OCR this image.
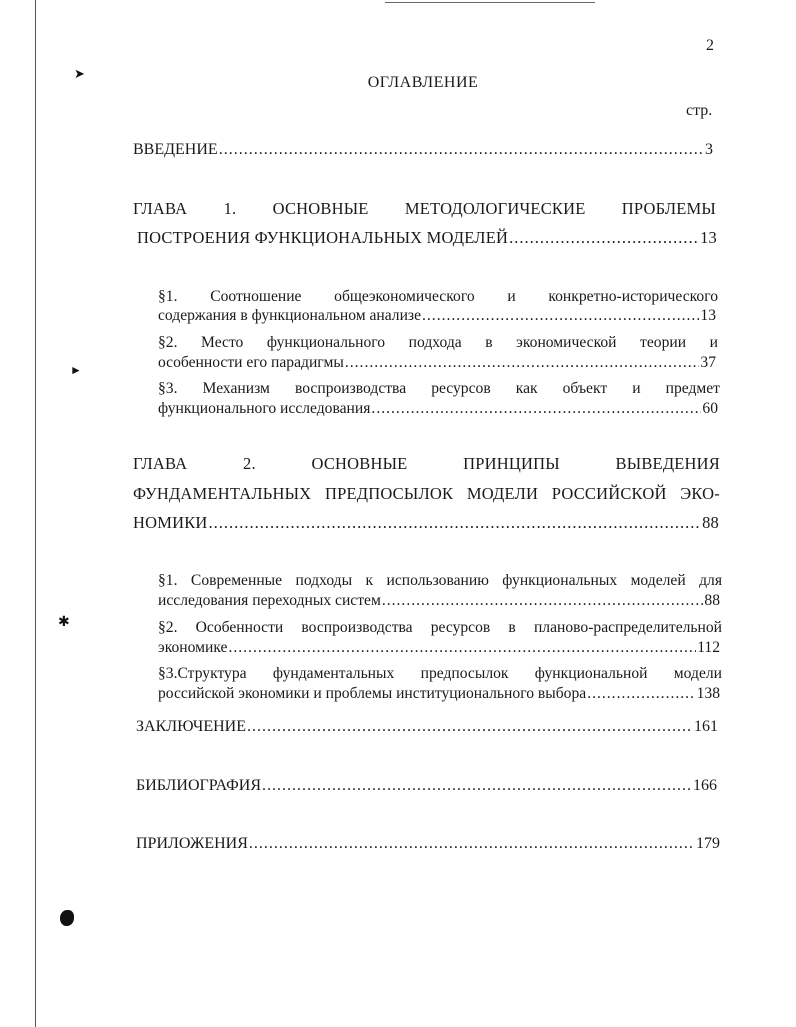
➤
►
✱
2
ОГЛАВЛЕНИЕ
стр.
ВВЕДЕНИЕ .....	3
ГЛАВА 1. ОСНОВНЫЕ МЕТОДОЛОГИЧЕСКИЕ ПРОБЛЕМЫ
ПОСТРОЕНИЯ ФУНКЦИОНАЛЬНЫХ МОДЕЛЕЙ .....	13
§1. Соотношение общеэкономического и конкретно-исторического
содержания в функциональном анализе .....	13
§2. Место функционального подхода в экономической теории и
особенности его парадигмы .....	37
§3. Механизм воспроизводства ресурсов как объект и предмет
функционального исследования .....	60
ГЛАВА 2. ОСНОВНЫЕ ПРИНЦИПЫ ВЫВЕДЕНИЯ
ФУНДАМЕНТАЛЬНЫХ ПРЕДПОСЫЛОК МОДЕЛИ РОССИЙСКОЙ ЭКО-
НОМИКИ .....	88
§1. Современные подходы к использованию функциональных моделей для
исследования переходных систем .....	88
§2. Особенности воспроизводства ресурсов в планово-распределительной
экономике .....	112
§3.Структура фундаментальных предпосылок функциональной модели
российской экономики и проблемы институционального выбора .....	138
ЗАКЛЮЧЕНИЕ .....	161
БИБЛИОГРАФИЯ .....	166
ПРИЛОЖЕНИЯ .....	179
